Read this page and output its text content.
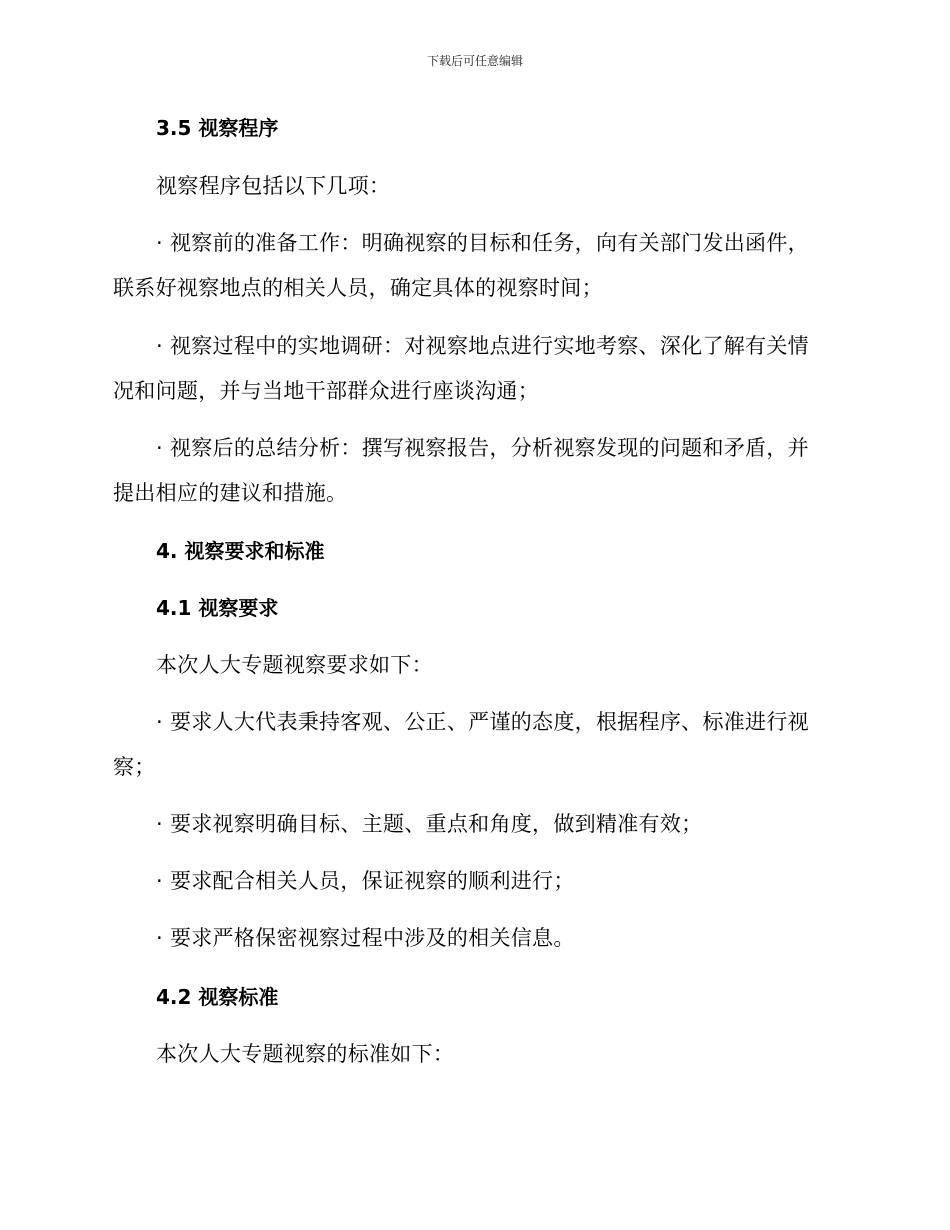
下载后可任意编辑
3.5 视察程序
视察程序包括以下几项：
· 视察前的准备工作：明确视察的目标和任务，向有关部门发出函件，联系好视察地点的相关人员，确定具体的视察时间；
· 视察过程中的实地调研：对视察地点进行实地考察、深化了解有关情况和问题，并与当地干部群众进行座谈沟通；
· 视察后的总结分析：撰写视察报告，分析视察发现的问题和矛盾，并提出相应的建议和措施。
4. 视察要求和标准
4.1 视察要求
本次人大专题视察要求如下：
· 要求人大代表秉持客观、公正、严谨的态度，根据程序、标准进行视察；
· 要求视察明确目标、主题、重点和角度，做到精准有效；
· 要求配合相关人员，保证视察的顺利进行；
· 要求严格保密视察过程中涉及的相关信息。
4.2 视察标准
本次人大专题视察的标准如下：
